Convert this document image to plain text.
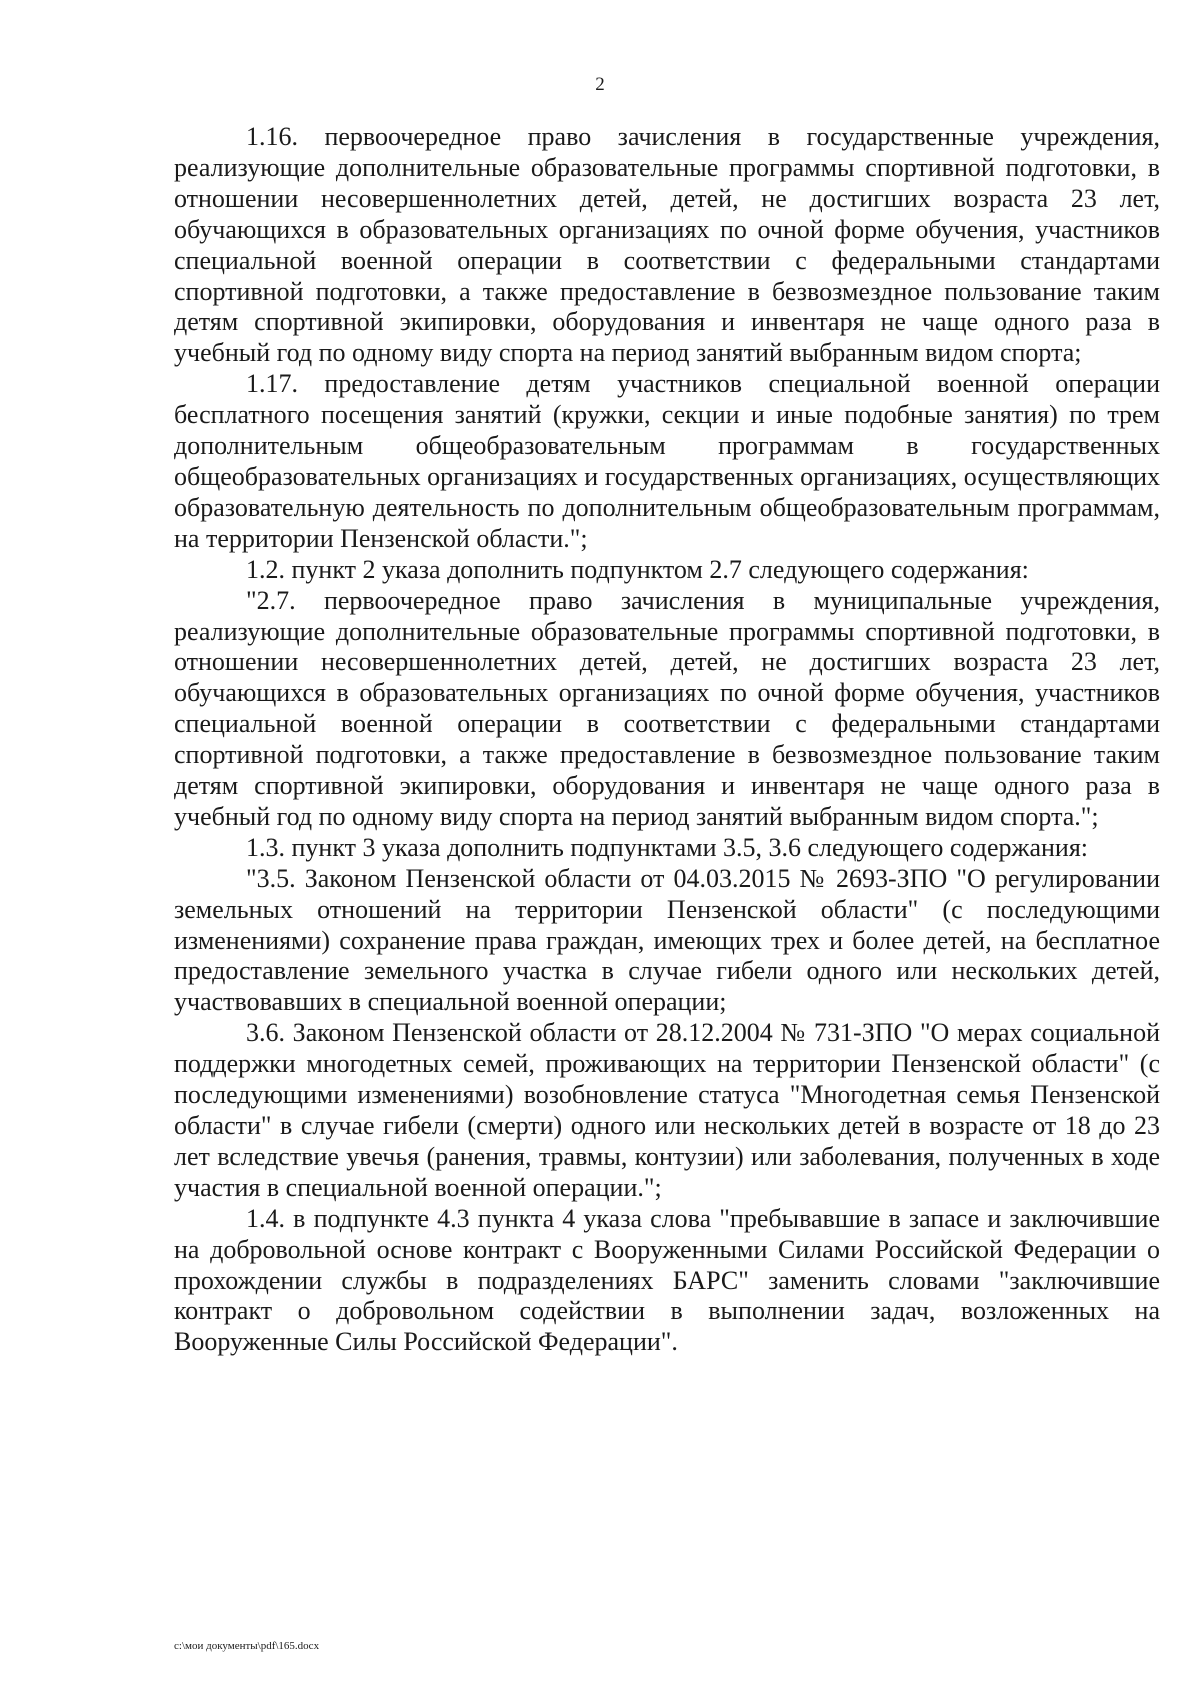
2

1.16. первоочередное право зачисления в государственные учреждения, реализующие дополнительные образовательные программы спортивной подготовки, в отношении несовершеннолетних детей, детей, не достигших возраста 23 лет, обучающихся в образовательных организациях по очной форме обучения, участников специальной военной операции в соответствии с федеральными стандартами спортивной подготовки, а также предоставление в безвозмездное пользование таким детям спортивной экипировки, оборудования и инвентаря не чаще одного раза в учебный год по одному виду спорта на период занятий выбранным видом спорта;

1.17. предоставление детям участников специальной военной операции бесплатного посещения занятий (кружки, секции и иные подобные занятия) по трем дополнительным общеобразовательным программам в государственных общеобразовательных организациях и государственных организациях, осуществляющих образовательную деятельность по дополнительным общеобразовательным программам, на территории Пензенской области.";

1.2. пункт 2 указа дополнить подпунктом 2.7 следующего содержания:

"2.7. первоочередное право зачисления в муниципальные учреждения, реализующие дополнительные образовательные программы спортивной подготовки, в отношении несовершеннолетних детей, детей, не достигших возраста 23 лет, обучающихся в образовательных организациях по очной форме обучения, участников специальной военной операции в соответствии с федеральными стандартами спортивной подготовки, а также предоставление в безвозмездное пользование таким детям спортивной экипировки, оборудования и инвентаря не чаще одного раза в учебный год по одному виду спорта на период занятий выбранным видом спорта.";

1.3. пункт 3 указа дополнить подпунктами 3.5, 3.6 следующего содержания:

"3.5. Законом Пензенской области от 04.03.2015 № 2693-ЗПО "О регулировании земельных отношений на территории Пензенской области" (с последующими изменениями) сохранение права граждан, имеющих трех и более детей, на бесплатное предоставление земельного участка в случае гибели одного или нескольких детей, участвовавших в специальной военной операции;

3.6. Законом Пензенской области от 28.12.2004 № 731-ЗПО "О мерах социальной поддержки многодетных семей, проживающих на территории Пензенской области" (с последующими изменениями) возобновление статуса "Многодетная семья Пензенской области" в случае гибели (смерти) одного или нескольких детей в возрасте от 18 до 23 лет вследствие увечья (ранения, травмы, контузии) или заболевания, полученных в ходе участия в специальной военной операции.";

1.4. в подпункте 4.3 пункта 4 указа слова "пребывавшие в запасе и заключившие на добровольной основе контракт с Вооруженными Силами Российской Федерации о прохождении службы в подразделениях БАРС" заменить словами "заключившие контракт о добровольном содействии в выполнении задач, возложенных на Вооруженные Силы Российской Федерации".

c:\мои документы\pdf\165.docx
